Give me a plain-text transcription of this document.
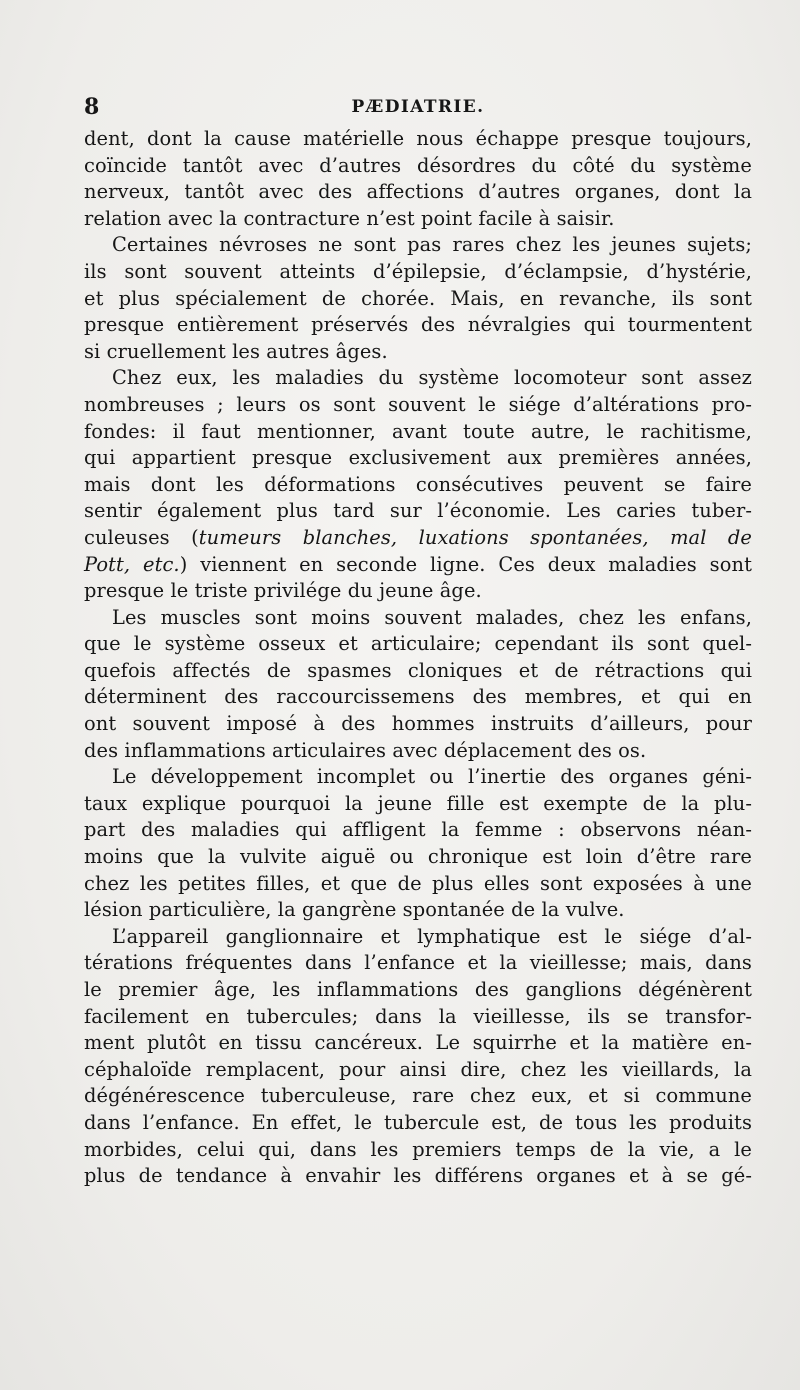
8	PÆDIATRIE.
dent, dont la cause matérielle nous échappe presque toujours,
coïncide tantôt avec d’autres désordres du côté du système
nerveux, tantôt avec des affections d’autres organes, dont la
relation avec la contracture n’est point facile à saisir.
Certaines névroses ne sont pas rares chez les jeunes sujets;
ils sont souvent atteints d’épilepsie, d’éclampsie, d’hystérie,
et plus spécialement de chorée. Mais, en revanche, ils sont
presque entièrement préservés des névralgies qui tourmentent
si cruellement les autres âges.
Chez eux, les maladies du système locomoteur sont assez
nombreuses ; leurs os sont souvent le siége d’altérations pro-
fondes: il faut mentionner, avant toute autre, le rachitisme,
qui appartient presque exclusivement aux premières années,
mais dont les déformations consécutives peuvent se faire
sentir également plus tard sur l’économie. Les caries tuber-
culeuses (tumeurs blanches, luxations spontanées, mal de
Pott, etc.) viennent en seconde ligne. Ces deux maladies sont
presque le triste privilége du jeune âge.
Les muscles sont moins souvent malades, chez les enfans,
que le système osseux et articulaire; cependant ils sont quel-
quefois affectés de spasmes cloniques et de rétractions qui
déterminent des raccourcissemens des membres, et qui en
ont souvent imposé à des hommes instruits d’ailleurs, pour
des inflammations articulaires avec déplacement des os.
Le développement incomplet ou l’inertie des organes géni-
taux explique pourquoi la jeune fille est exempte de la plu-
part des maladies qui affligent la femme : observons néan-
moins que la vulvite aiguë ou chronique est loin d’être rare
chez les petites filles, et que de plus elles sont exposées à une
lésion particulière, la gangrène spontanée de la vulve.
L’appareil ganglionnaire et lymphatique est le siége d’al-
térations fréquentes dans l’enfance et la vieillesse; mais, dans
le premier âge, les inflammations des ganglions dégénèrent
facilement en tubercules; dans la vieillesse, ils se transfor-
ment plutôt en tissu cancéreux. Le squirrhe et la matière en-
céphaloïde remplacent, pour ainsi dire, chez les vieillards, la
dégénérescence tuberculeuse, rare chez eux, et si commune
dans l’enfance. En effet, le tubercule est, de tous les produits
morbides, celui qui, dans les premiers temps de la vie, a le
plus de tendance à envahir les différens organes et à se gé-
